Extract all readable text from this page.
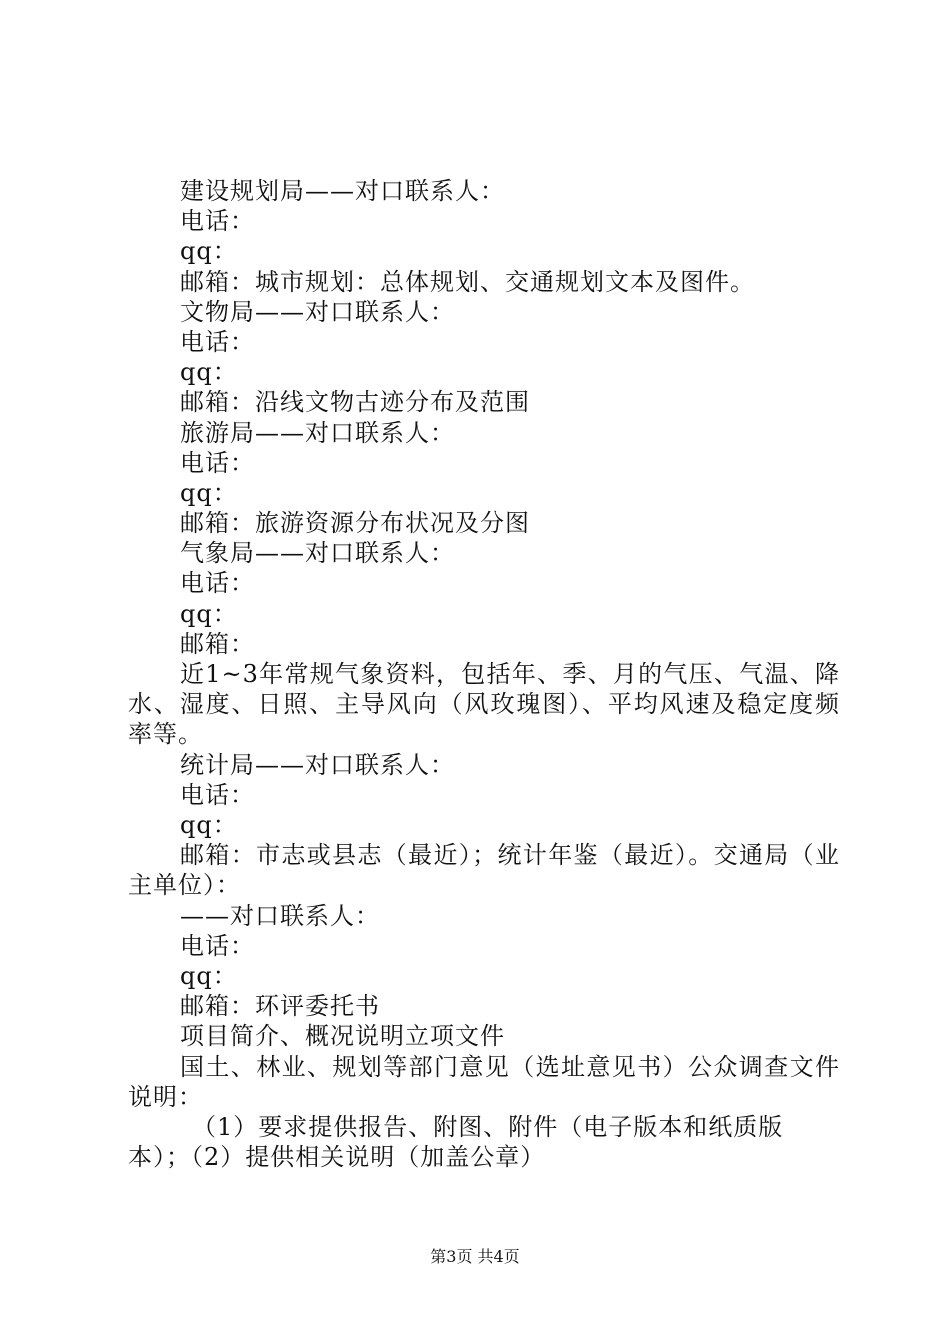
建设规划局——对口联系人：
电话：
qq：
邮箱：城市规划：总体规划、交通规划文本及图件。
文物局——对口联系人：
电话：
qq：
邮箱：沿线文物古迹分布及范围
旅游局——对口联系人：
电话：
qq：
邮箱：旅游资源分布状况及分图
气象局——对口联系人：
电话：
qq：
邮箱：
近1~3年常规气象资料，包括年、季、月的气压、气温、降水、湿度、日照、主导风向（风玫瑰图）、平均风速及稳定度频率等。
统计局——对口联系人：
电话：
qq：
邮箱：市志或县志（最近）；统计年鉴（最近）。交通局（业主单位）：
——对口联系人：
电话：
qq：
邮箱：环评委托书
项目简介、概况说明立项文件
国土、林业、规划等部门意见（选址意见书）公众调查文件说明：
（1）要求提供报告、附图、附件（电子版本和纸质版本）；（2）提供相关说明（加盖公章）
第3页 共4页
